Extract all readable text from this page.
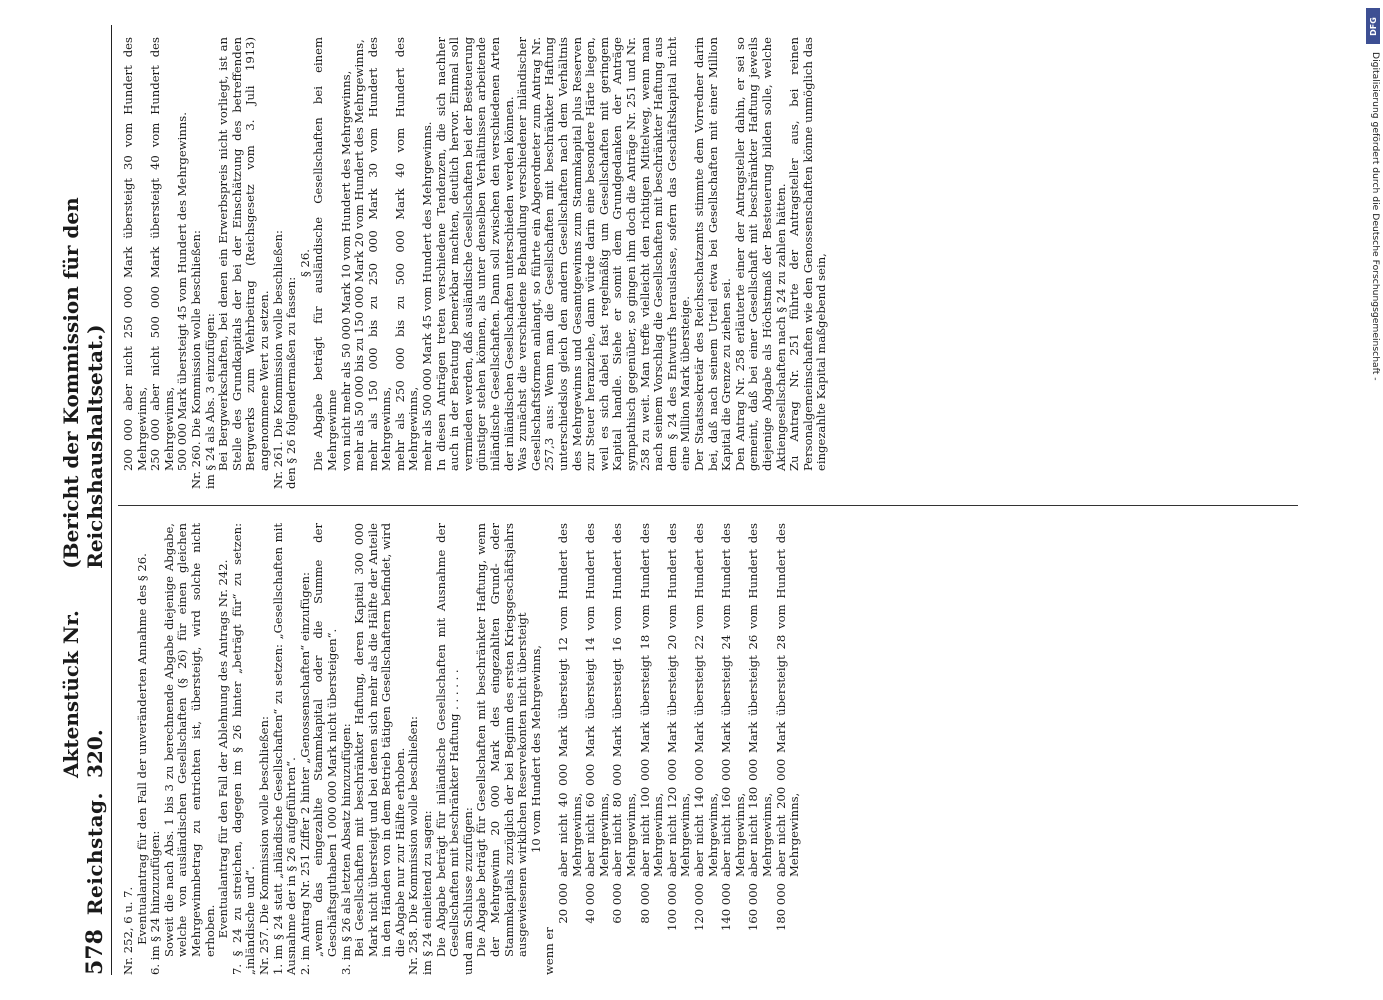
578
Reichstag.
Aktenstück Nr. 320.
(Bericht der Kommission für den Reichshaushaltsetat.)
Nr. 252, 6 u. 7. Eventualantrag für den Fall der unveränderten Annahme des § 26. 6. im § 24 hinzuzufügen: Soweit die nach Abs. 1 bis 3 zu berechnende Abgabe diejenige Abgabe, welche von ausländischen Gesellschaften (§ 26) für einen gleichen Mehrgewinnbetrag zu entrichten ist, übersteigt, wird solche nicht erhoben. Eventualantrag für den Fall der Ablehnung des Antrags Nr. 242. 7. § 24 zu streichen, dagegen im § 26 hinter „beträgt für“ zu setzen: „inländische und“. Nr. 257. Die Kommission wolle beschließen: 1. im § 24 statt „inländische Gesellschaften“ zu setzen: „Gesellschaften mit Ausnahme der in § 26 aufgeführten“. 2. im Antrag Nr. 251 Ziffer 2 hinter „Genossenschaften“ einzufügen: „wenn das eingezahlte Stammkapital oder die Summe der Geschäftsguthaben 1 000 000 Mark nicht übersteigen“. 3. im § 26 als letzten Absatz hinzuzufügen: Bei Gesellschaften mit beschränkter Haftung, deren Kapital 300 000 Mark nicht übersteigt und bei denen sich mehr als die Hälfte der Anteile in den Händen von in dem Betrieb tätigen Gesellschaftern befindet, wird die Abgabe nur zur Hälfte erhoben. Nr. 258. Die Kommission wolle beschließen: im § 24 einleitend zu sagen: Die Abgabe beträgt für inländische Gesellschaften mit Ausnahme der Gesellschaften mit beschränkter Haftung . . . . . . und am Schlusse zuzufügen: Die Abgabe beträgt für Gesellschaften mit beschränkter Haftung, wenn der Mehrgewinn 20 000 Mark des eingezahlten Grund- oder Stammkapitals zuzüglich der bei Beginn des ersten Kriegsgeschäftsjahrs ausgewiesenen wirklichen Reservekonten nicht übersteigt 10 vom Hundert des Mehrgewinns,
wenn er
20 000
aber nicht 40 000 Mark übersteigt 12 vom Hundert des Mehrgewinns,
40 000
aber nicht 60 000 Mark übersteigt 14 vom Hundert des Mehrgewinns,
60 000
aber nicht 80 000 Mark übersteigt 16 vom Hundert des Mehrgewinns,
80 000
aber nicht 100 000 Mark übersteigt 18 vom Hundert des Mehrgewinns,
100 000
aber nicht 120 000 Mark übersteigt 20 vom Hundert des Mehrgewinns,
120 000
aber nicht 140 000 Mark übersteigt 22 vom Hundert des Mehrgewinns,
140 000
aber nicht 160 000 Mark übersteigt 24 vom Hundert des Mehrgewinns,
160 000
aber nicht 180 000 Mark übersteigt 26 vom Hundert des Mehrgewinns,
180 000
aber nicht 200 000 Mark übersteigt 28 vom Hundert des Mehrgewinns,
200 000 aber nicht 250 000 Mark übersteigt 30 vom Hundert des Mehrgewinns, 250 000 aber nicht 500 000 Mark übersteigt 40 vom Hundert des Mehrgewinns, 500 000 Mark übersteigt 45 vom Hundert des Mehrgewinns. Nr. 260. Die Kommission wolle beschließen: im § 24 als Abs. 3 einzufügen: Bei Bergwerkschaften, bei denen ein Erwerbspreis nicht vorliegt, ist an Stelle des Grundkapitals der bei der Einschätzung des betreffenden Bergwerks zum Wehrbeitrag (Reichsgesetz vom 3. Juli 1913) angenommene Wert zu setzen. Nr. 261. Die Kommission wolle beschließen: den § 26 folgendermaßen zu fassen:
§ 26. Die Abgabe beträgt für ausländische Gesellschaften bei einem Mehrgewinne von nicht mehr als 50 000 Mark 10 vom Hundert des Mehrgewinns, mehr als 50 000 bis zu 150 000 Mark 20 vom Hundert des Mehrgewinns, mehr als 150 000 bis zu 250 000 Mark 30 vom Hundert des Mehrgewinns, mehr als 250 000 bis zu 500 000 Mark 40 vom Hundert des Mehrgewinns, mehr als 500 000 Mark 45 vom Hundert des Mehrgewinns. In diesen Anträgen treten verschiedene Tendenzen, die sich nachher auch in der Beratung bemerkbar machten, deutlich hervor. Einmal soll vermieden werden, daß ausländische Gesellschaften bei der Besteuerung günstiger stehen können, als unter denselben Verhältnissen arbeitende inländische Gesellschaften. Dann soll zwischen den verschiedenen Arten der inländischen Gesellschaften unterschieden werden können. Was zunächst die verschiedene Behandlung verschiedener inländischer Gesellschaftsformen anlangt, so führte ein Abgeordneter zum Antrag Nr. 257,3 aus: Wenn man die Gesellschaften mit beschränkter Haftung unterschiedslos gleich den andern Gesellschaften nach dem Verhältnis des Mehrgewinns und Gesamtgewinns zum Stammkapital plus Reserven zur Steuer heranziehe, dann würde darin eine besondere Härte liegen, weil es sich dabei fast regelmäßig um Gesellschaften mit geringem Kapital handle. Siehe er somit dem Grundgedanken der Anträge sympathisch gegenüber, so gingen ihm doch die Anträge Nr. 251 und Nr. 258 zu weit. Man treffe vielleicht den richtigen Mittelweg, wenn man nach seinem Vorschlag die Gesellschaften mit beschränkter Haftung aus dem § 24 des Entwurfs herauslasse, sofern das Geschäftskapital nicht eine Million Mark übersteige. Der Staatssekretär des Reichsschatzamts stimmte dem Vorredner darin bei, daß nach seinem Urteil etwa bei Gesellschaften mit einer Million Kapital die Grenze zu ziehen sei. Den Antrag Nr. 258 erläuterte einer der Antragsteller dahin, er sei so gemeint, daß bei einer Gesellschaft mit beschränkter Haftung jeweils diejenige Abgabe als Höchstmaß der Besteuerung bilden solle, welche Aktiengesellschaften nach § 24 zu zahlen hätten. Zu Antrag Nr. 251 führte der Antragsteller aus, bei reinen Personalgemeinschaften wie den Genossenschaften könne unmöglich das eingezahlte Kapital maßgebend sein,
DFG
Digitalisierung gefördert durch die Deutsche Forschungsgemeinschaft -
